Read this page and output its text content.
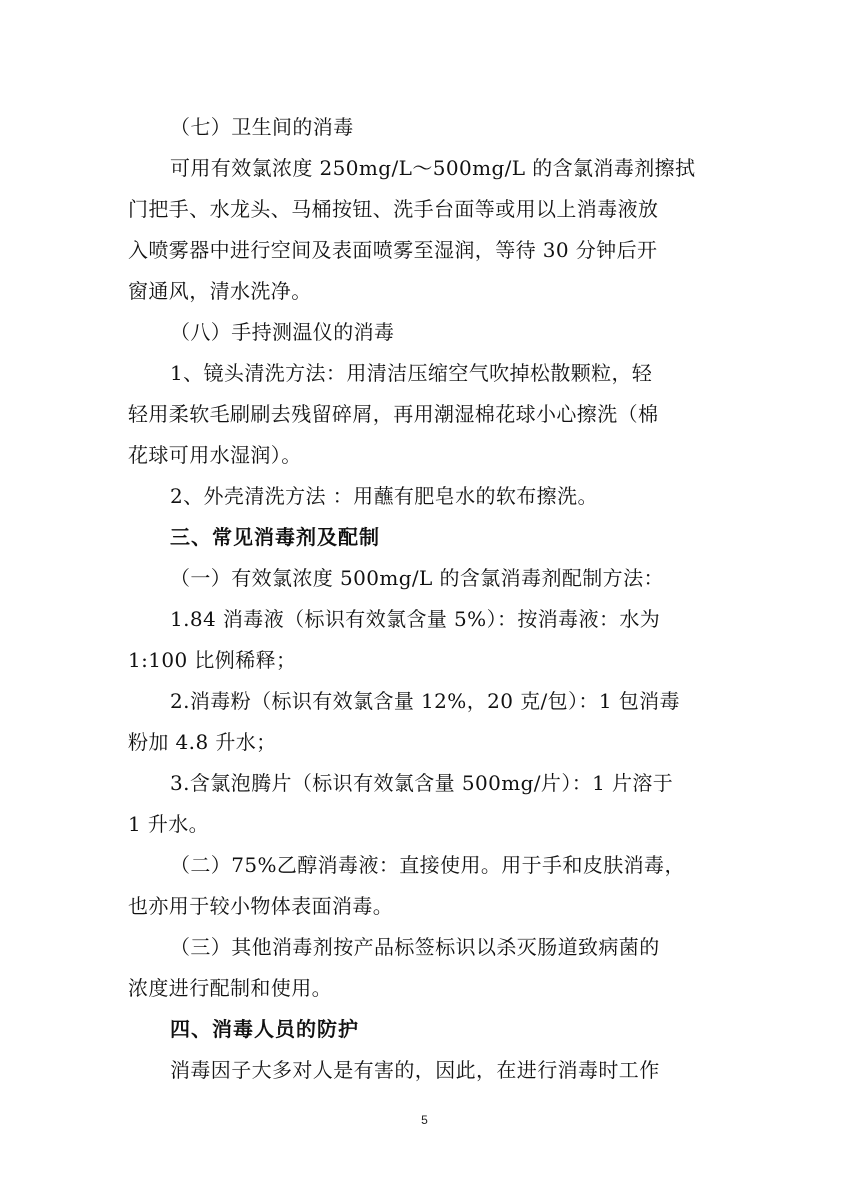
（七）卫生间的消毒
可用有效氯浓度 250mg/L～500mg/L 的含氯消毒剂擦拭
门把手、水龙头、马桶按钮、洗手台面等或用以上消毒液放
入喷雾器中进行空间及表面喷雾至湿润，等待 30 分钟后开
窗通风，清水洗净。
（八）手持测温仪的消毒
1、镜头清洗方法：用清洁压缩空气吹掉松散颗粒，轻
轻用柔软毛刷刷去残留碎屑，再用潮湿棉花球小心擦洗（棉
花球可用水湿润）。
2、外壳清洗方法 ：用蘸有肥皂水的软布擦洗。
三、常见消毒剂及配制
（一）有效氯浓度 500mg/L 的含氯消毒剂配制方法：
1.84 消毒液（标识有效氯含量 5%）：按消毒液：水为
1:100 比例稀释；
2.消毒粉（标识有效氯含量 12%，20 克/包）：1 包消毒
粉加 4.8 升水；
3.含氯泡腾片（标识有效氯含量 500mg/片）：1 片溶于
1 升水。
（二）75%乙醇消毒液：直接使用。用于手和皮肤消毒，
也亦用于较小物体表面消毒。
（三）其他消毒剂按产品标签标识以杀灭肠道致病菌的
浓度进行配制和使用。
四、消毒人员的防护
消毒因子大多对人是有害的，因此，在进行消毒时工作
5
